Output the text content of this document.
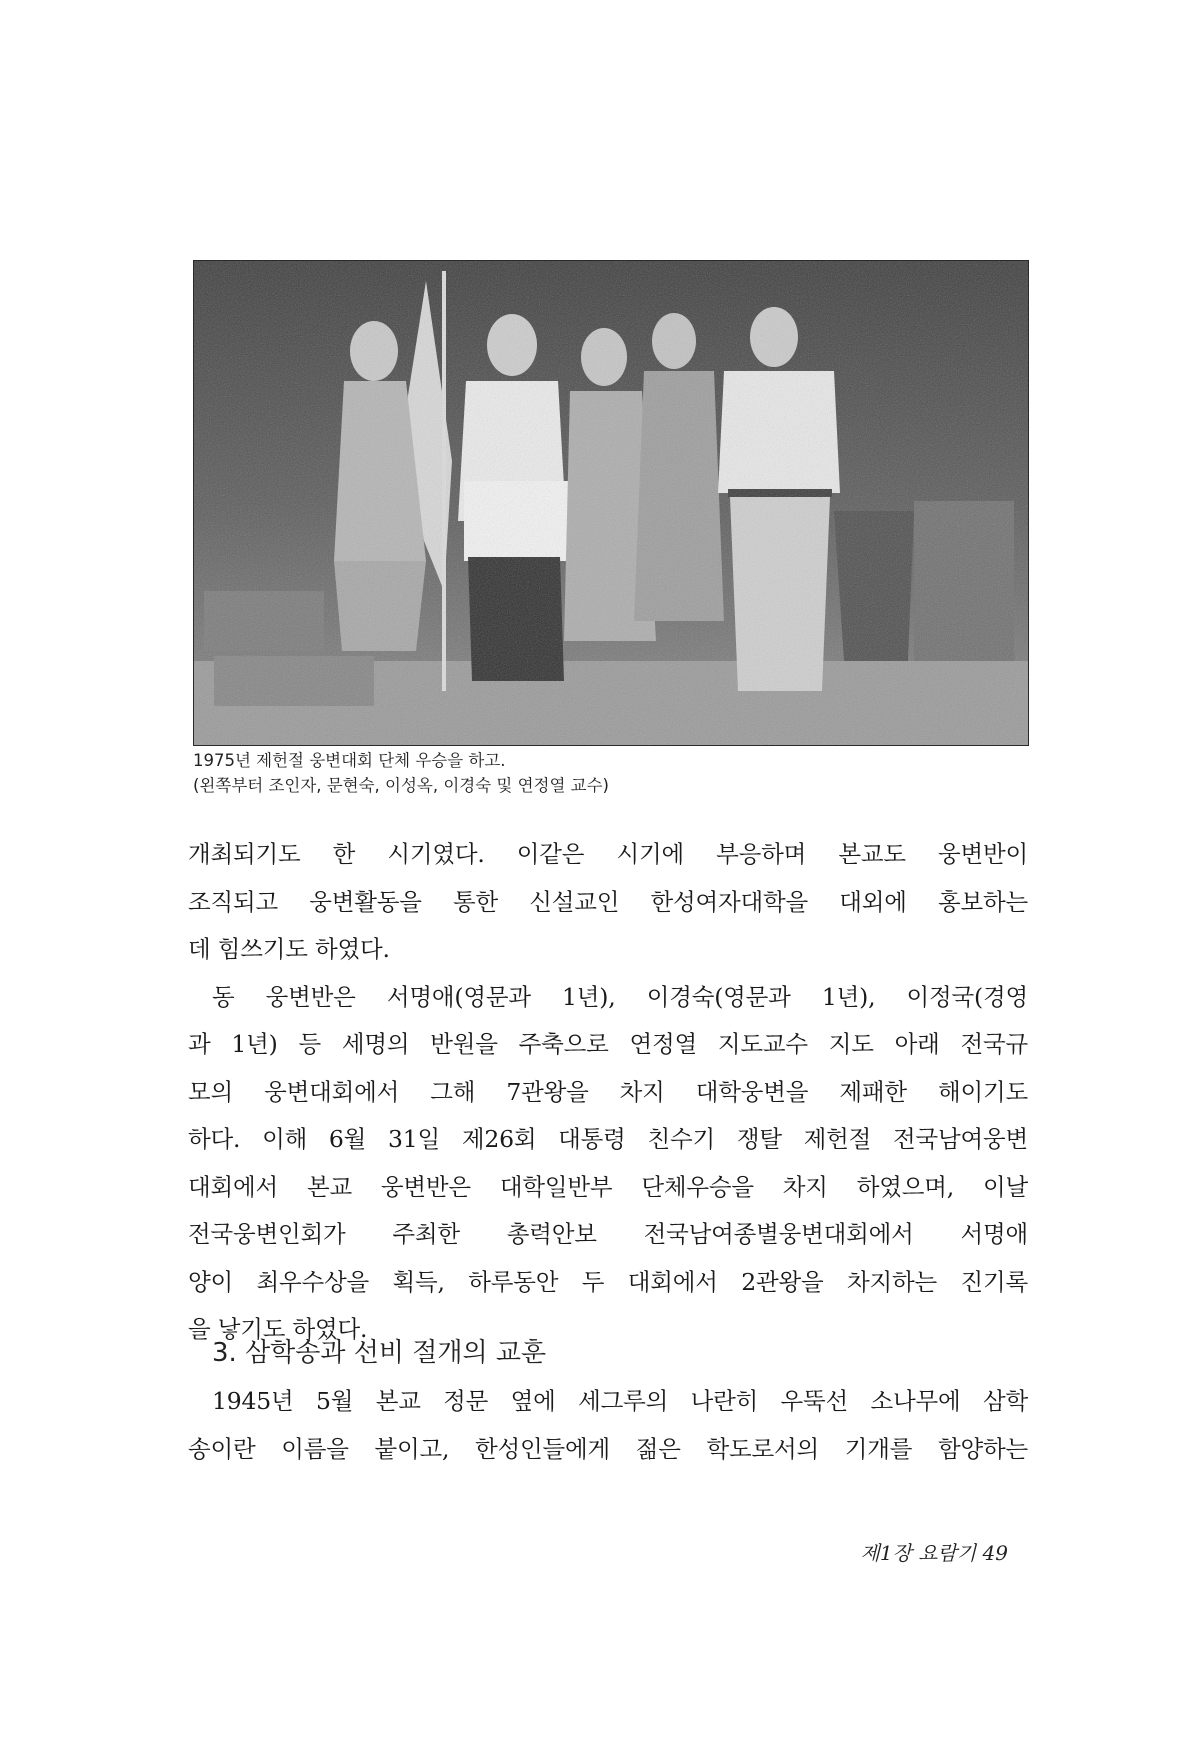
1975년 제헌절 웅변대회 단체 우승을 하고.
(왼쪽부터 조인자, 문현숙, 이성옥, 이경숙 및 연정열 교수)
개최되기도 한 시기였다. 이같은 시기에 부응하며 본교도 웅변반이
조직되고 웅변활동을 통한 신설교인 한성여자대학을 대외에 홍보하는
데 힘쓰기도 하였다.
동 웅변반은 서명애(영문과 1년), 이경숙(영문과 1년), 이정국(경영
과 1년) 등 세명의 반원을 주축으로 연정열 지도교수 지도 아래 전국규
모의 웅변대회에서 그해 7관왕을 차지 대학웅변을 제패한 해이기도
하다. 이해 6월 31일 제26회 대통령 친수기 쟁탈 제헌절 전국남여웅변
대회에서 본교 웅변반은 대학일반부 단체우승을 차지 하였으며, 이날
전국웅변인회가 주최한 총력안보 전국남여종별웅변대회에서 서명애
양이 최우수상을 획득, 하루동안 두 대회에서 2관왕을 차지하는 진기록
을 낳기도 하였다.
3. 삼학송과 선비 절개의 교훈
1945년 5월 본교 정문 옆에 세그루의 나란히 우뚝선 소나무에 삼학
송이란 이름을 붙이고, 한성인들에게 젊은 학도로서의 기개를 함양하는
제1장 요람기 49
